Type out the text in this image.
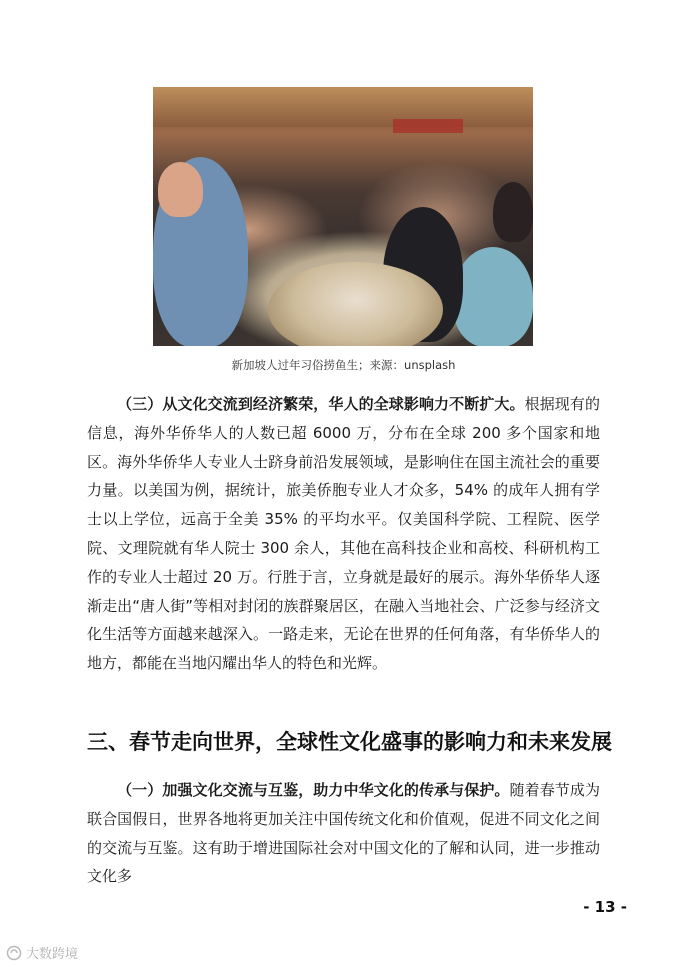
新加坡人过年习俗捞鱼生；来源：unsplash
（三）从文化交流到经济繁荣，华人的全球影响力不断扩大。根据现有的信息，海外华侨华人的人数已超 6000 万，分布在全球 200 多个国家和地区。海外华侨华人专业人士跻身前沿发展领域，是影响住在国主流社会的重要力量。以美国为例，据统计，旅美侨胞专业人才众多，54% 的成年人拥有学士以上学位，远高于全美 35% 的平均水平。仅美国科学院、工程院、医学院、文理院就有华人院士 300 余人，其他在高科技企业和高校、科研机构工作的专业人士超过 20 万。行胜于言，立身就是最好的展示。海外华侨华人逐渐走出“唐人街”等相对封闭的族群聚居区，在融入当地社会、广泛参与经济文化生活等方面越来越深入。一路走来，无论在世界的任何角落，有华侨华人的地方，都能在当地闪耀出华人的特色和光辉。
三、春节走向世界，全球性文化盛事的影响力和未来发展
（一）加强文化交流与互鉴，助力中华文化的传承与保护。随着春节成为联合国假日，世界各地将更加关注中国传统文化和价值观，促进不同文化之间的交流与互鉴。这有助于增进国际社会对中国文化的了解和认同，进一步推动文化多
- 13 -
大数跨境
